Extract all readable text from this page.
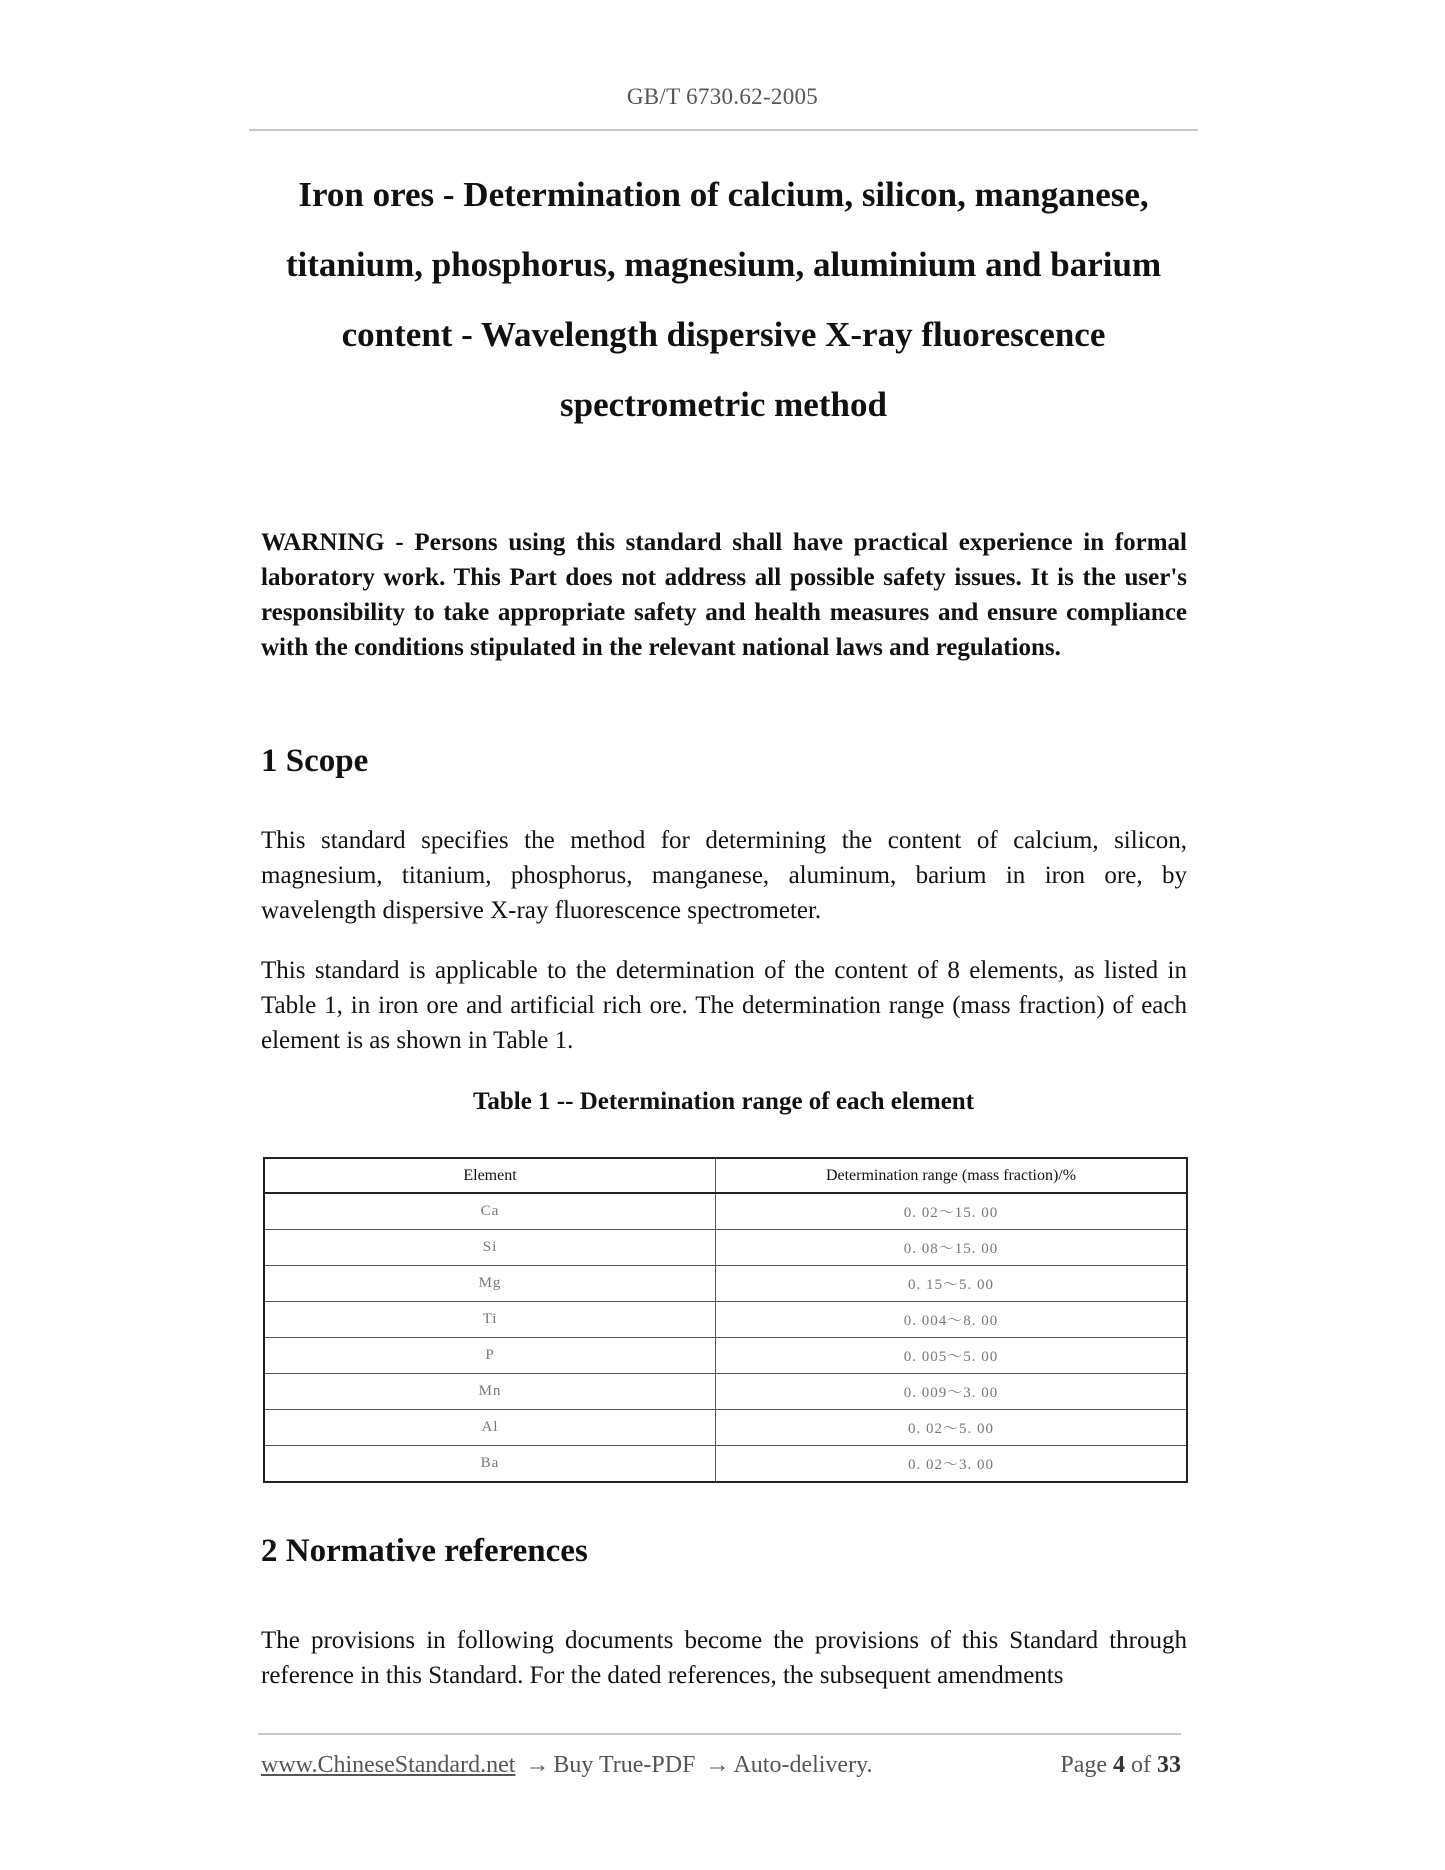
GB/T 6730.62-2005
Iron ores - Determination of calcium, silicon, manganese,
titanium, phosphorus, magnesium, aluminium and barium
content - Wavelength dispersive X-ray fluorescence
spectrometric method

WARNING - Persons using this standard shall have practical experience in formal laboratory work. This Part does not address all possible safety issues. It is the user's responsibility to take appropriate safety and health measures and ensure compliance with the conditions stipulated in the relevant national laws and regulations.

1 Scope

This standard specifies the method for determining the content of calcium, silicon, magnesium, titanium, phosphorus, manganese, aluminum, barium in iron ore, by wavelength dispersive X-ray fluorescence spectrometer.

This standard is applicable to the determination of the content of 8 elements, as listed in Table 1, in iron ore and artificial rich ore. The determination range (mass fraction) of each element is as shown in Table 1.

Table 1 -- Determination range of each element

Element	Determination range (mass fraction)/%
Ca	0. 02～15. 00
Si	0. 08～15. 00
Mg	0. 15～5. 00
Ti	0. 004～8. 00
P	0. 005～5. 00
Mn	0. 009～3. 00
Al	0. 02～5. 00
Ba	0. 02～3. 00
2 Normative references

The provisions in following documents become the provisions of this Standard through reference in this Standard. For the dated references, the subsequent amendments

www.ChineseStandard.net → Buy True-PDF → Auto-delivery.	Page 4 of 33
